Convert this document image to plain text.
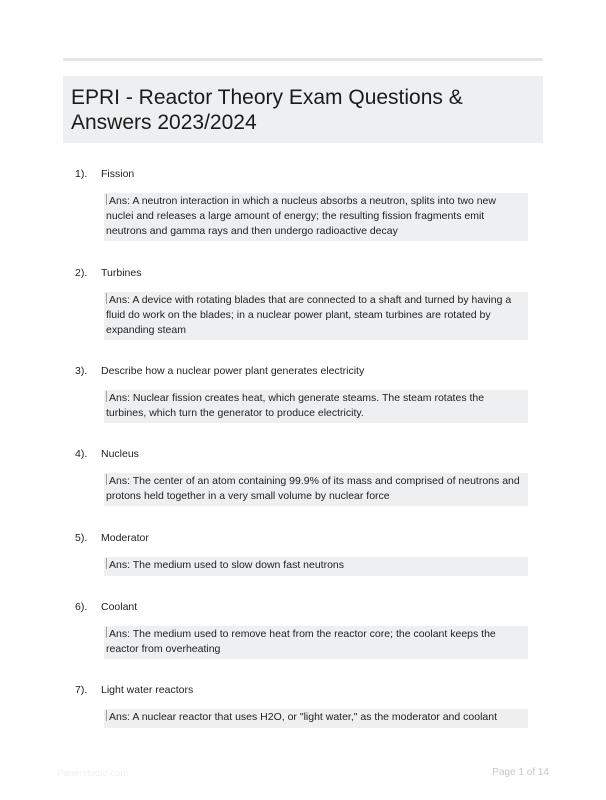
EPRI - Reactor Theory Exam Questions & Answers 2023/2024
1). Fission
Ans: A neutron interaction in which a nucleus absorbs a neutron, splits into two new nuclei and releases a large amount of energy; the resulting fission fragments emit neutrons and gamma rays and then undergo radioactive decay
2). Turbines
Ans: A device with rotating blades that are connected to a shaft and turned by having a fluid do work on the blades; in a nuclear power plant, steam turbines are rotated by expanding steam
3). Describe how a nuclear power plant generates electricity
Ans: Nuclear fission creates heat, which generate steams. The steam rotates the turbines, which turn the generator to produce electricity.
4). Nucleus
Ans: The center of an atom containing 99.9% of its mass and comprised of neutrons and protons held together in a very small volume by nuclear force
5). Moderator
Ans: The medium used to slow down fast neutrons
6). Coolant
Ans: The medium used to remove heat from the reactor core; the coolant keeps the reactor from overheating
7). Light water reactors
Ans: A nuclear reactor that uses H2O, or "light water," as the moderator and coolant
Paperstudio.com	Page 1 of 14
